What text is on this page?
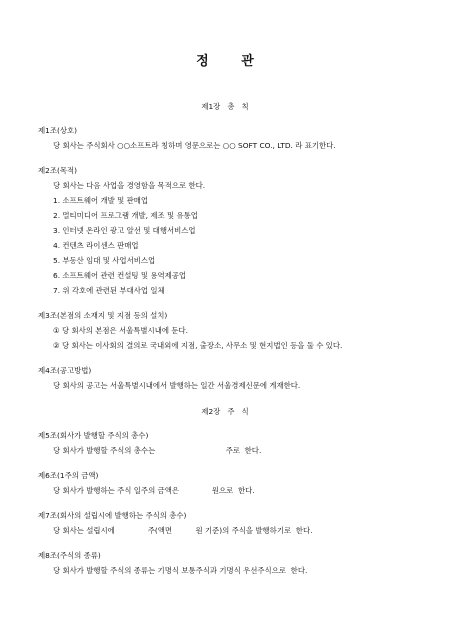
정 관
제1장   총   칙
제1조(상호)
당 회사는 주식회사 ○○소프트라 칭하며 영문으로는 ○○ SOFT CO., LTD. 라 표기한다.
제2조(목적)
당 회사는 다음 사업을 경영함을 목적으로 한다.
1. 소프트웨어 개발 및 판매업
2. 멀티미디어 프로그램 개발, 제조 및 유통업
3. 인터넷 온라인 광고 알선 및 대행서비스업
4. 컨텐츠 라이센스 판매업
5. 부동산 임대 및 사업서비스업
6. 소프트웨어 관련 컨설팅 및 용역제공업
7. 위 각호에 관련된 부대사업 일체
제3조(본점의 소재지 및 지점 등의 설치)
① 당 회사의 본점은 서울특별시내에 둔다.
② 당 회사는 이사회의 결의로 국내외에 지점, 출장소, 사무소 및 현지법인 등을 둘 수 있다.
제4조(공고방법)
당 회사의 공고는 서울특별시내에서 발행하는 일간 서울경제신문에 게재한다.
제2장   주   식
제5조(회사가 발행할 주식의 총수)
당 회사가 발행할 주식의 총수는                              주로  한다.
제6조(1주의 금액)
당 회사가 발행하는 주식 일주의 금액은              원으로  한다.
제7조(회사의 설립시에 발행하는 주식의 총수)
당 회사는 설립시에              주(액면          원 기준)의 주식을 발행하기로  한다.
제8조(주식의 종류)
당 회사가 발행할 주식의 종류는 기명식 보통주식과 기명식 우선주식으로  한다.
